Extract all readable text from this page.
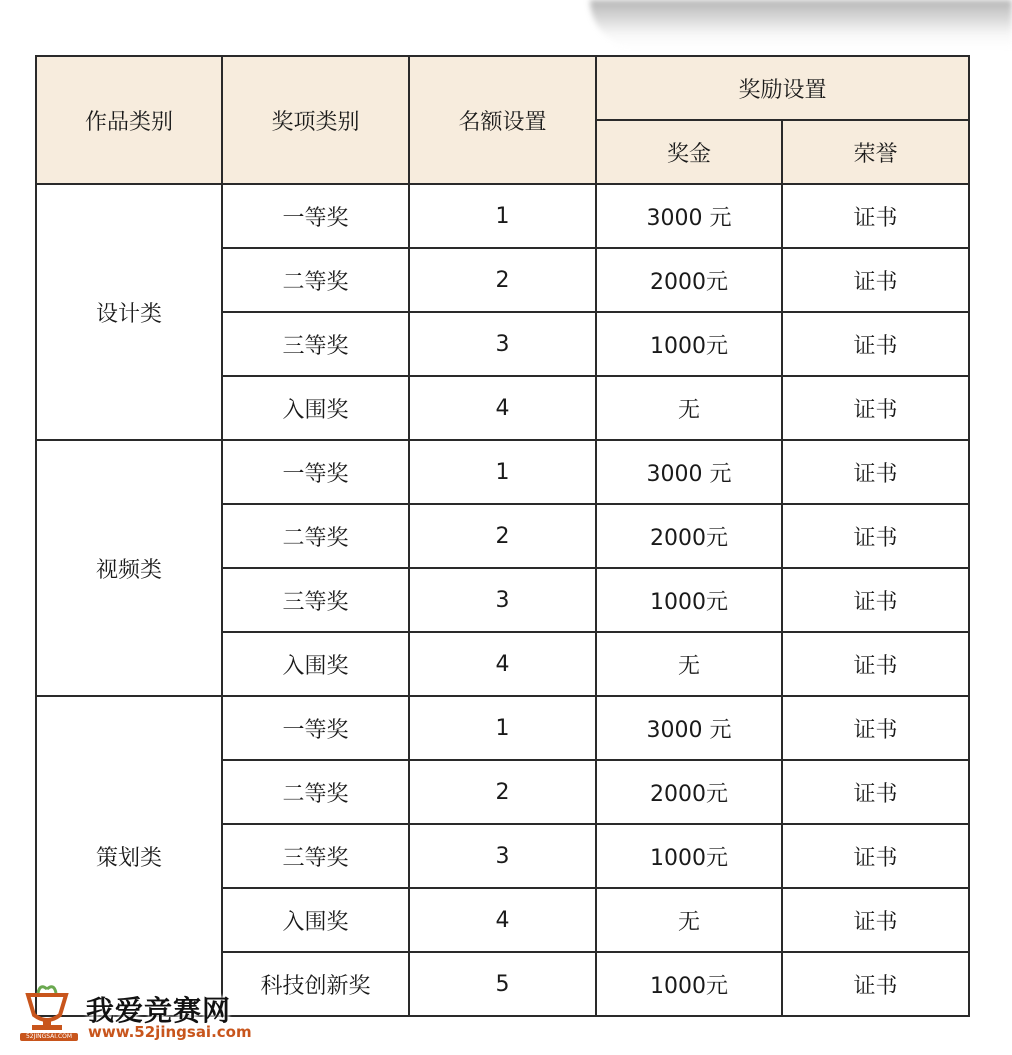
作品类别	奖项类别	名额设置	奖励设置	
			奖金	荣誉
设计类	一等奖	1	3000 元	证书
	二等奖	2	2000元	证书
	三等奖	3	1000元	证书
	入围奖	4	无	证书
视频类	一等奖	1	3000 元	证书
	二等奖	2	2000元	证书
	三等奖	3	1000元	证书
	入围奖	4	无	证书
策划类	一等奖	1	3000 元	证书
	二等奖	2	2000元	证书
	三等奖	3	1000元	证书
	入围奖	4	无	证书
	科技创新奖	5	1000元	证书
52JINGSAI.COM
我爱竞赛网
www.52jingsai.com
